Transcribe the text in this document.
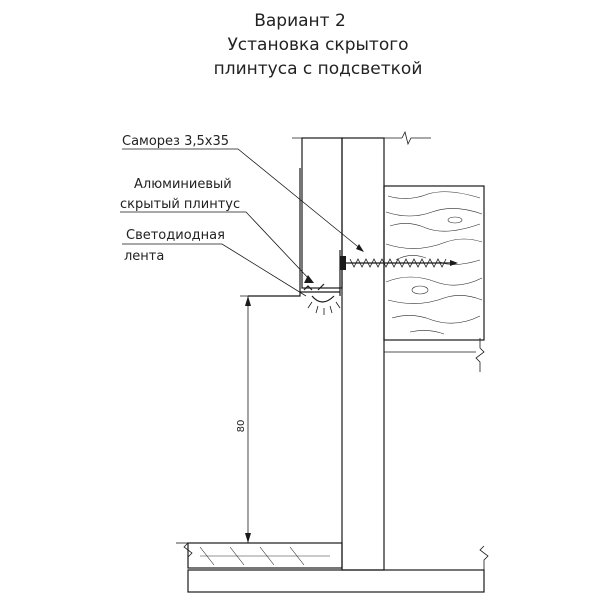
Вариант 2
Установка скрытого
плинтуса с подсветкой
80
Саморез 3,5x35
Алюминиевый
скрытый плинтус
Светодиодная
лента
